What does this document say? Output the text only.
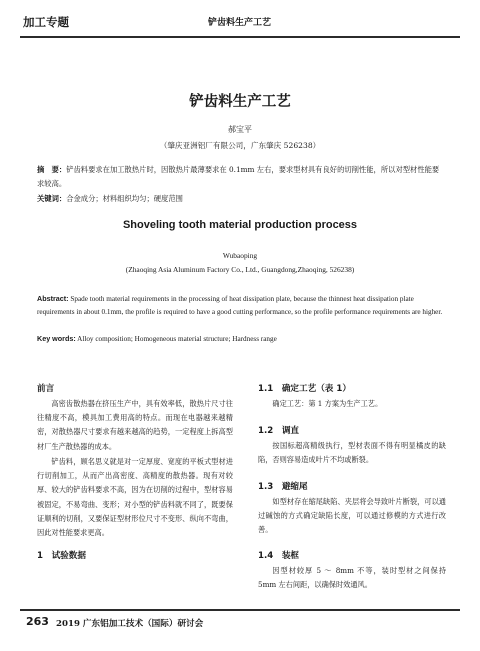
加工专题	铲齿料生产工艺
铲齿料生产工艺
郝宝平
（肇庆亚洲铝厂有限公司，广东肇庆 526238）
摘　要：铲齿料要求在加工散热片时，因散热片最薄要求在 0.1mm 左右，要求型材具有良好的切削性能，所以对型材性能要求较高。
关键词：合金成分；材料组织均匀；硬度范围
Shoveling tooth material production process
Wubaoping
(Zhaoqing Asia Aluminum Factory Co., Ltd., Guangdong,Zhaoqing, 526238)
Abstract: Spade tooth material requirements in the processing of heat dissipation plate, because the thinnest heat dissipation plate requirements in about 0.1mm, the profile is required to have a good cutting performance, so the profile performance requirements are higher.
Key words: Alloy composition; Homogeneous material structure; Hardness range
前言
高密齿散热器在挤压生产中，具有效率低，散热片尺寸往往精度不高，模具加工费用高的特点。而现在电器越来越精密，对散热器尺寸要求有越来越高的趋势，一定程度上拆高型材厂生产散热器的成本。
铲齿料，顾名思义就是对一定厚度、宽度的平板式型材进行切削加工，从而产出高密度、高精度的散热器。现有对较厚、较大的铲齿料要求不高，因为在切削的过程中，型材容易被固定，不易弯曲、变形；对小型的铲齿料就不同了，既要保证顺利的切削，又要保证型材形位尺寸不变形、纵向不弯曲，因此对性能要求更高。
1　试验数据
1.1　确定工艺（表 1）
确定工艺：第 1 方案为生产工艺。
1.2　调直
按国标超高精级执行，型材表面不得有明显橘皮的缺陷，否则容易造成叶片不均或断裂。
1.3　避缩尾
如型材存在缩尾缺陷、夹层将会导致叶片断裂，可以通过碱蚀的方式确定缺陷长度，可以通过修模的方式进行改善。
1.4　装框
因型材较厚 5 ～ 8mm 不等，装时型材之间保持 5mm 左右间距，以确保时效通风。
263 2019 广东铝加工技术（国际）研讨会
